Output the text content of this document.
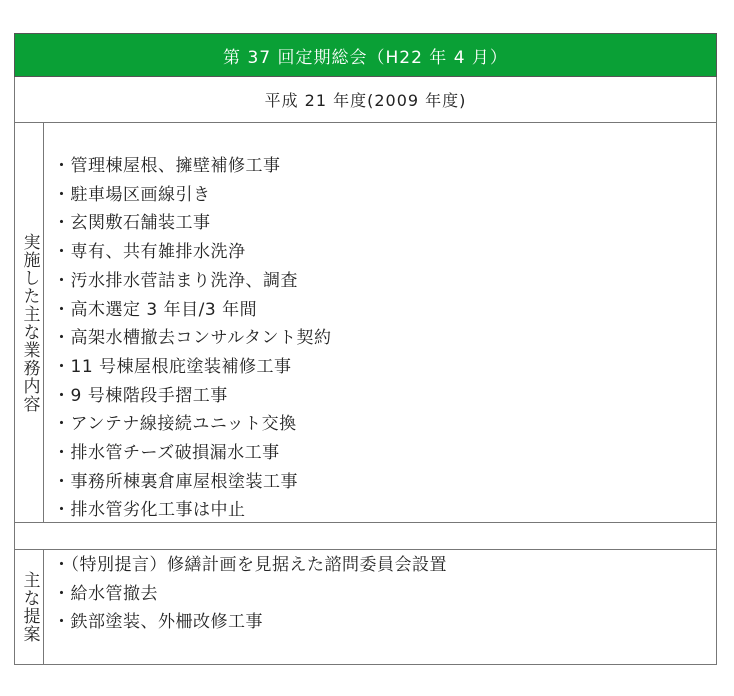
第 37 回定期総会（H22 年 4 月）
平成 21 年度(2009 年度)
実施した主な業務内容
・ 管理棟屋根、擁壁補修工事
・ 駐車場区画線引き
・ 玄関敷石舗装工事
・ 専有、共有雑排水洗浄
・ 汚水排水菅詰まり洗浄、調査
・ 高木選定 3 年目/3 年間
・ 高架水槽撤去コンサルタント契約
・ 11 号棟屋根庇塗装補修工事
・ 9 号棟階段手摺工事
・ アンテナ線接続ユニット交換
・ 排水管チーズ破損漏水工事
・ 事務所棟裏倉庫屋根塗装工事
・ 排水管劣化工事は中止
主な提案
・ （特別提言）修繕計画を見据えた諮問委員会設置
・ 給水管撤去
・ 鉄部塗装、外柵改修工事
